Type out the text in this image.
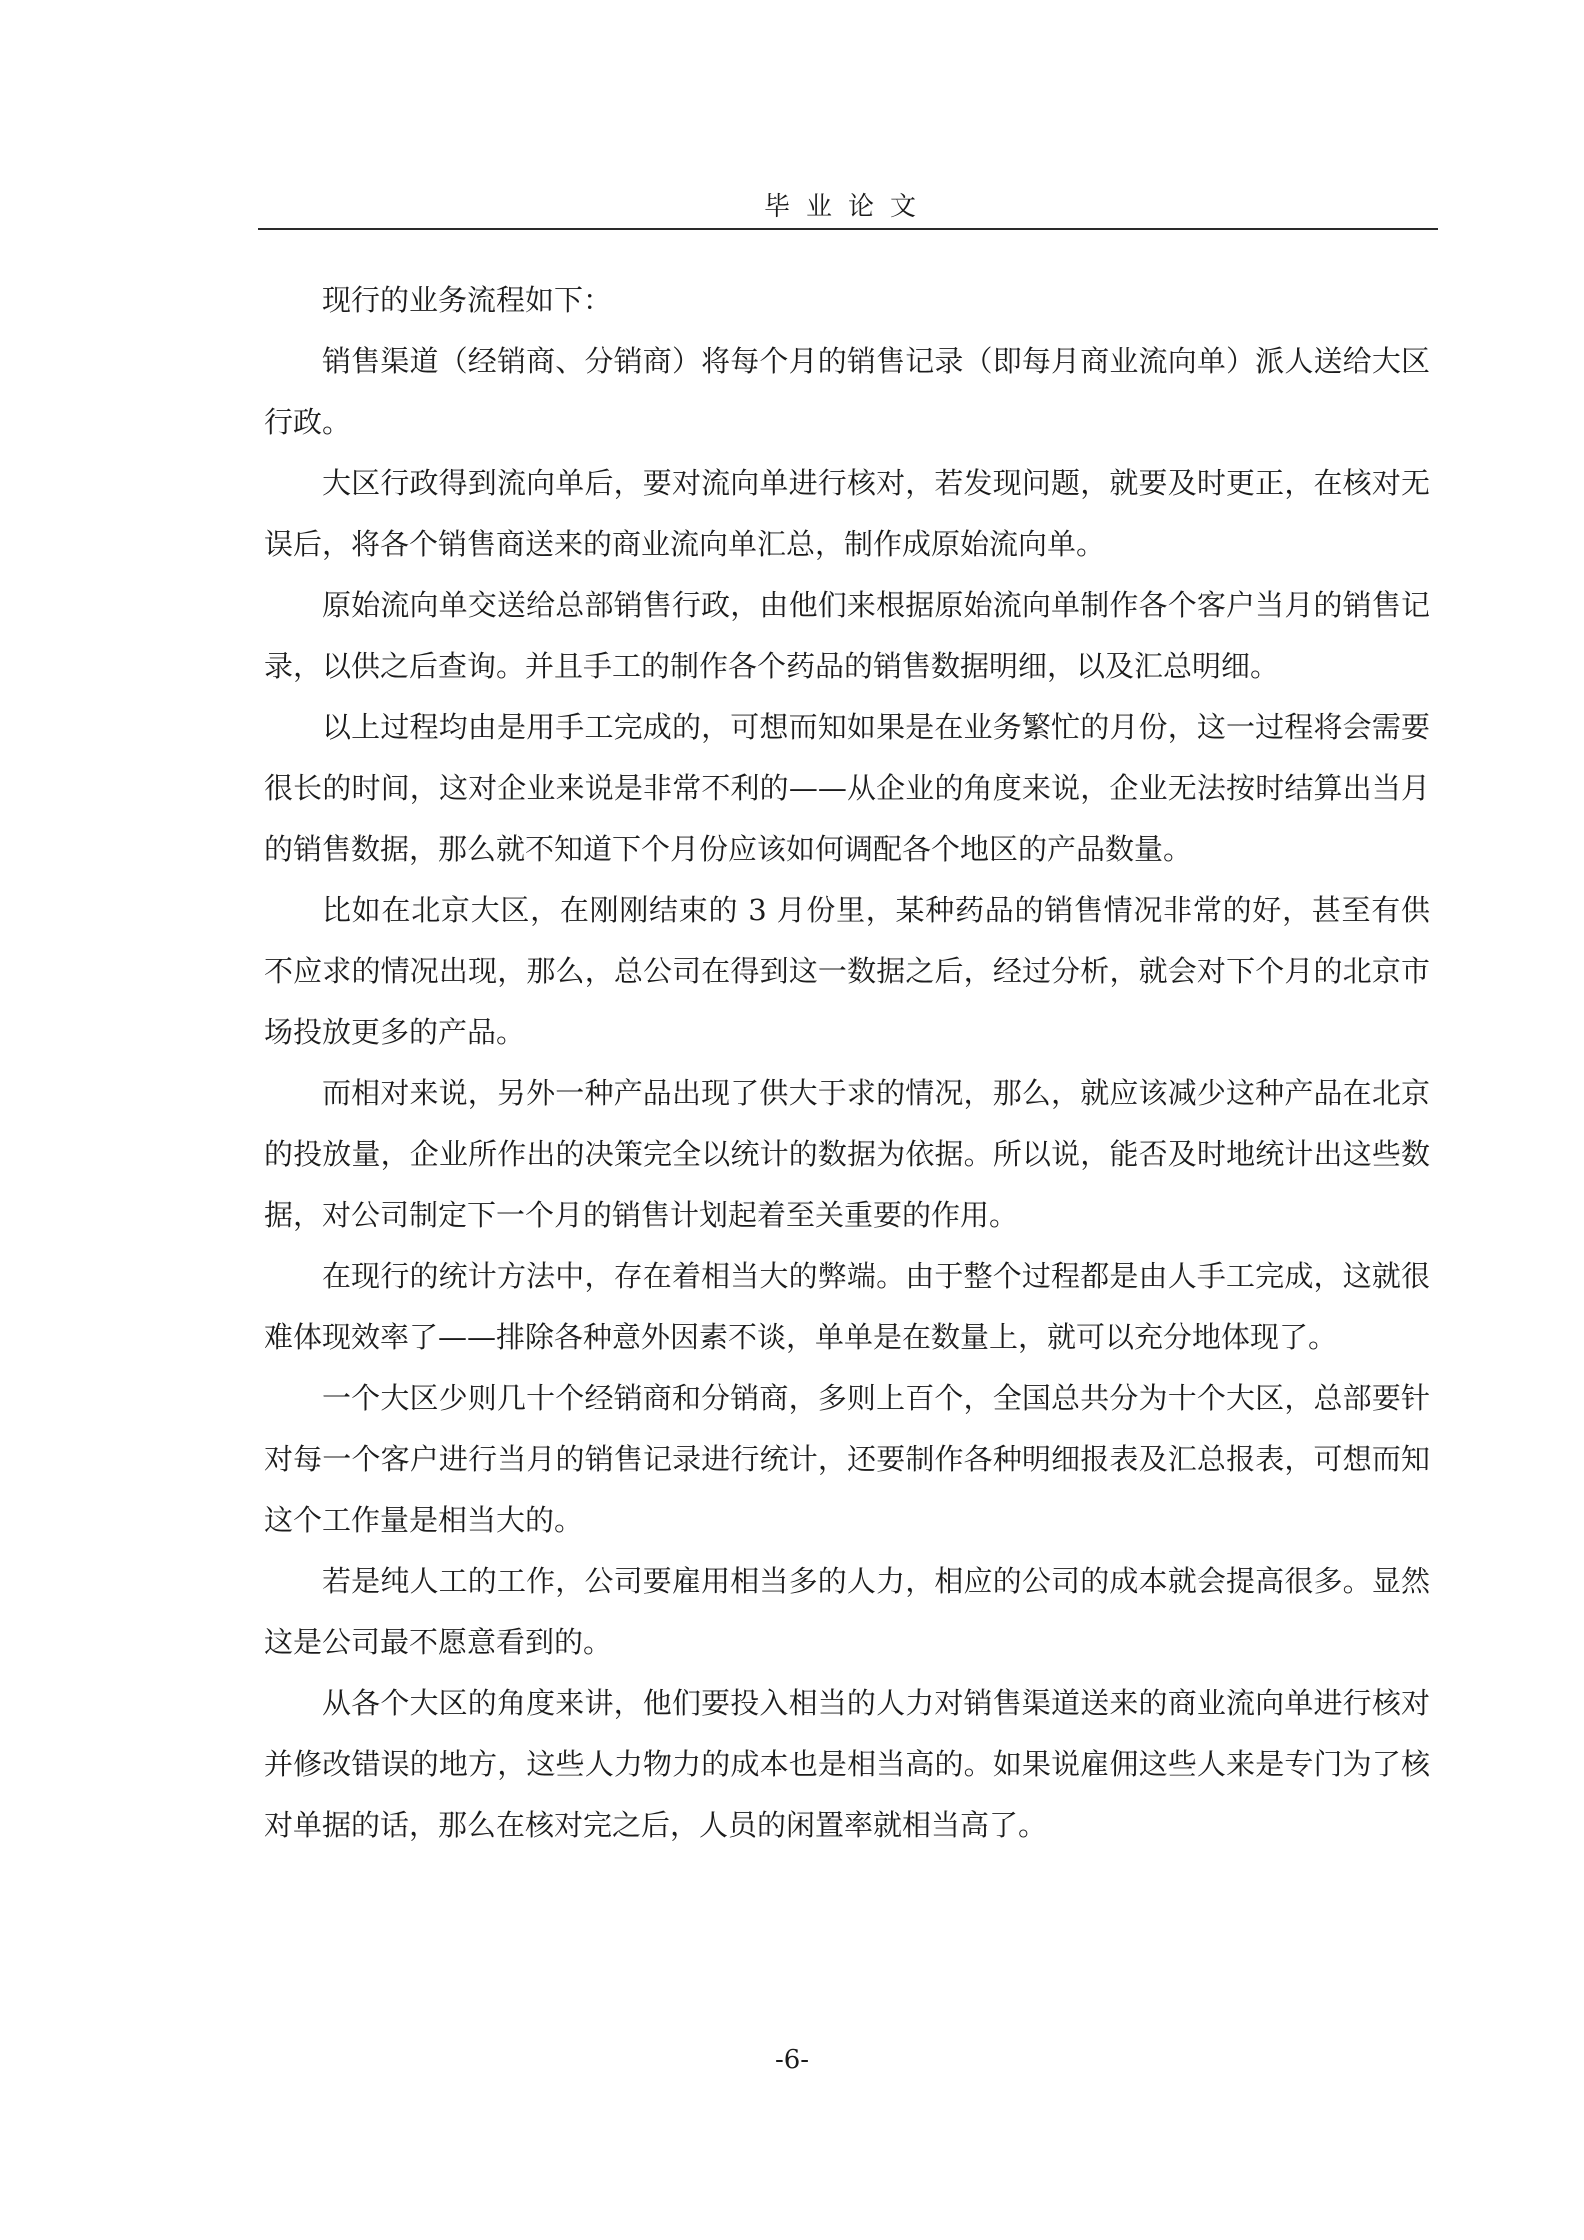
毕业论文

现行的业务流程如下：

销售渠道（经销商、分销商）将每个月的销售记录（即每月商业流向单）派人送给大区行政。

大区行政得到流向单后，要对流向单进行核对，若发现问题，就要及时更正，在核对无误后，将各个销售商送来的商业流向单汇总，制作成原始流向单。

原始流向单交送给总部销售行政，由他们来根据原始流向单制作各个客户当月的销售记录，以供之后查询。并且手工的制作各个药品的销售数据明细，以及汇总明细。

以上过程均由是用手工完成的，可想而知如果是在业务繁忙的月份，这一过程将会需要很长的时间，这对企业来说是非常不利的——从企业的角度来说，企业无法按时结算出当月的销售数据，那么就不知道下个月份应该如何调配各个地区的产品数量。

比如在北京大区，在刚刚结束的 3 月份里，某种药品的销售情况非常的好，甚至有供不应求的情况出现，那么，总公司在得到这一数据之后，经过分析，就会对下个月的北京市场投放更多的产品。

而相对来说，另外一种产品出现了供大于求的情况，那么，就应该减少这种产品在北京的投放量，企业所作出的决策完全以统计的数据为依据。所以说，能否及时地统计出这些数据，对公司制定下一个月的销售计划起着至关重要的作用。

在现行的统计方法中，存在着相当大的弊端。由于整个过程都是由人手工完成，这就很难体现效率了——排除各种意外因素不谈，单单是在数量上，就可以充分地体现了。

一个大区少则几十个经销商和分销商，多则上百个，全国总共分为十个大区，总部要针对每一个客户进行当月的销售记录进行统计，还要制作各种明细报表及汇总报表，可想而知这个工作量是相当大的。

若是纯人工的工作，公司要雇用相当多的人力，相应的公司的成本就会提高很多。显然这是公司最不愿意看到的。

从各个大区的角度来讲，他们要投入相当的人力对销售渠道送来的商业流向单进行核对并修改错误的地方，这些人力物力的成本也是相当高的。如果说雇佣这些人来是专门为了核对单据的话，那么在核对完之后，人员的闲置率就相当高了。

-6-
